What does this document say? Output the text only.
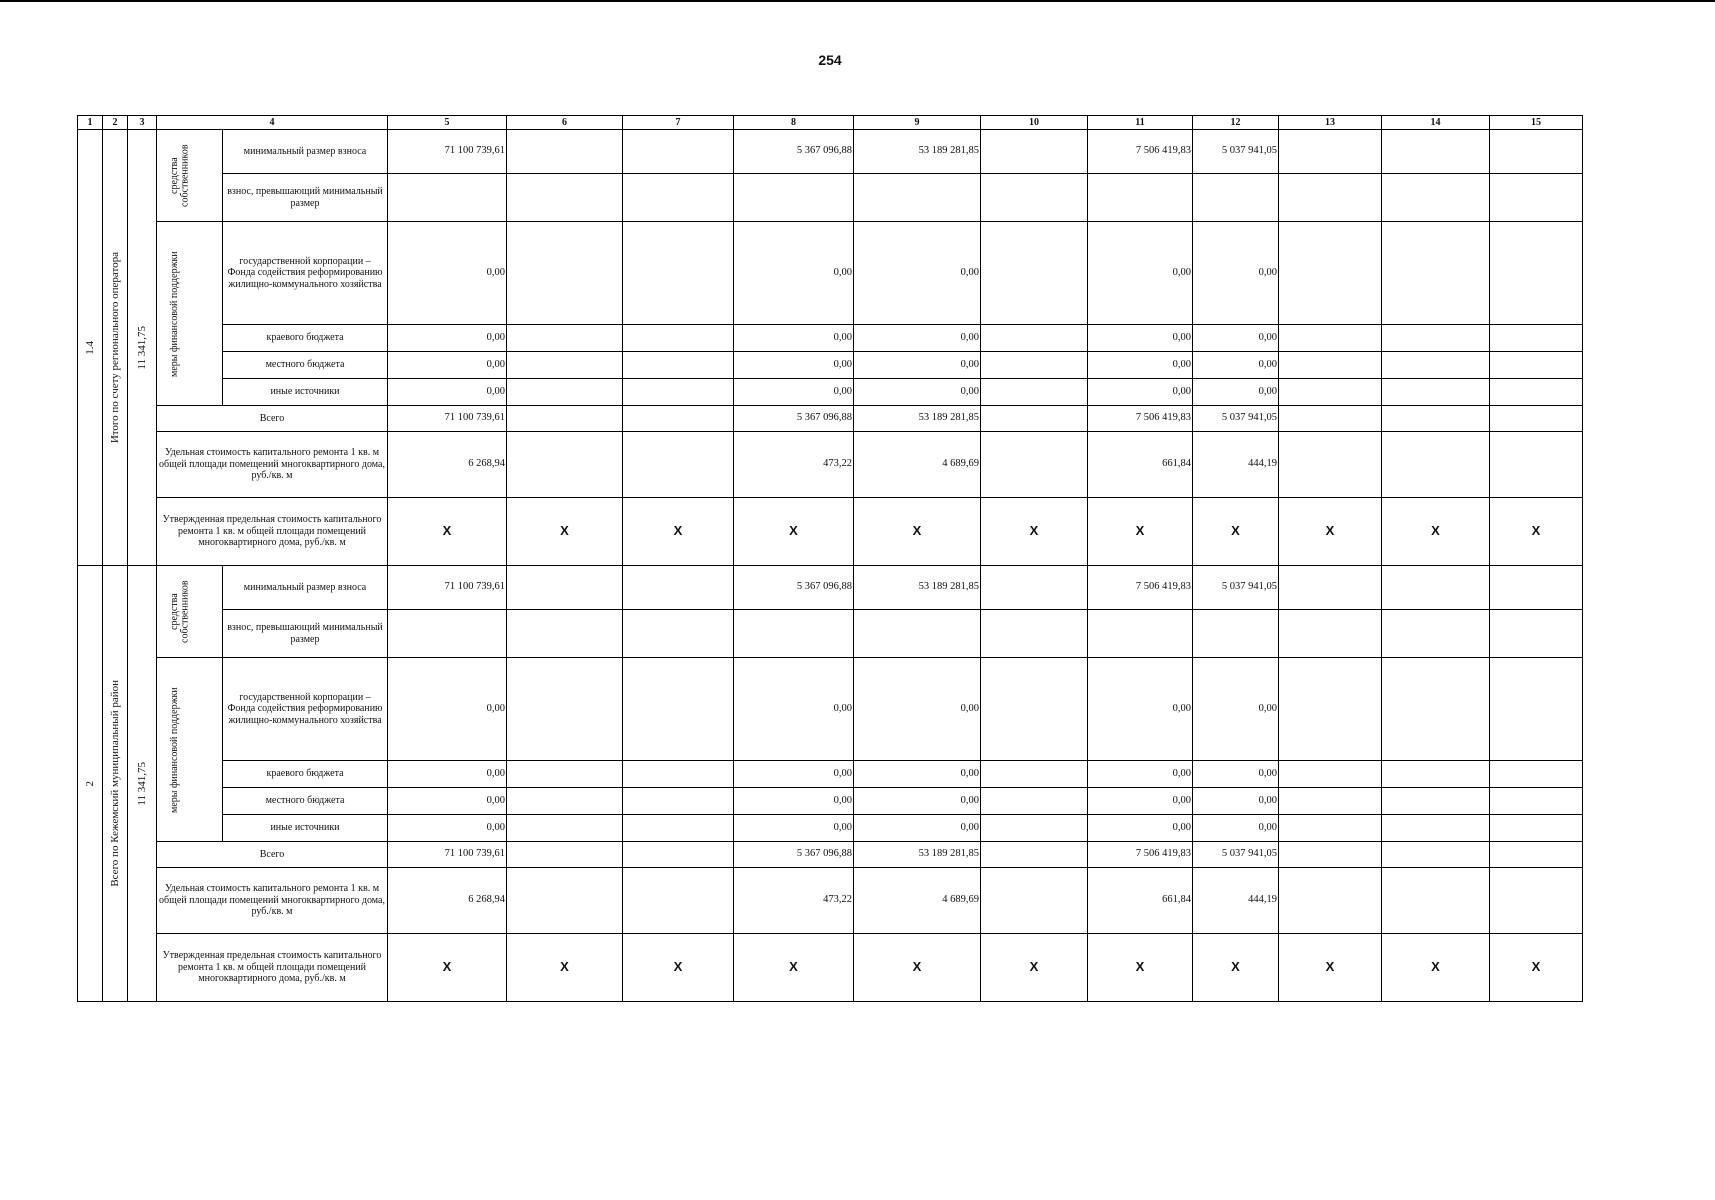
254
1	2	3	4		5	6	7	8	9	10	11	12	13	14	15

1.4	Итого по счету регионального оператора	11 341,75	средства собственников	минимальный размер взноса	71 100 739,61			5 367 096,88	53 189 281,85		7 506 419,83	5 037 941,05			
				взнос, превышающий минимальный размер											

			меры финансовой поддержки	государственной корпорации – Фонда содействия реформированию жилищно-коммунального хозяйства	0,00			0,00	0,00		0,00	0,00			
				краевого бюджета	0,00			0,00	0,00		0,00	0,00			
				местного бюджета	0,00			0,00	0,00		0,00	0,00			
				иные источники	0,00			0,00	0,00		0,00	0,00			
			Всего		71 100 739,61			5 367 096,88	53 189 281,85		7 506 419,83	5 037 941,05			
			Удельная стоимость капитального ремонта 1 кв. м общей площади помещений многоквартирного дома, руб./кв. м		6 268,94			473,22	4 689,69		661,84	444,19			
			Утвержденная предельная стоимость капитального ремонта 1 кв. м общей площади помещений многоквартирного дома, руб./кв. м		X	X	X	X	X	X	X	X	X	X	X

2	Всего по Кежемский муниципальный район	11 341,75	средства собственников	минимальный размер взноса	71 100 739,61			5 367 096,88	53 189 281,85		7 506 419,83	5 037 941,05			
				взнос, превышающий минимальный размер											

			меры финансовой поддержки	государственной корпорации – Фонда содействия реформированию жилищно-коммунального хозяйства	0,00			0,00	0,00		0,00	0,00			
				краевого бюджета	0,00			0,00	0,00		0,00	0,00			
				местного бюджета	0,00			0,00	0,00		0,00	0,00			
				иные источники	0,00			0,00	0,00		0,00	0,00			
			Всего		71 100 739,61			5 367 096,88	53 189 281,85		7 506 419,83	5 037 941,05			
			Удельная стоимость капитального ремонта 1 кв. м общей площади помещений многоквартирного дома, руб./кв. м		6 268,94			473,22	4 689,69		661,84	444,19			
			Утвержденная предельная стоимость капитального ремонта 1 кв. м общей площади помещений многоквартирного дома, руб./кв. м		X	X	X	X	X	X	X	X	X	X	X
